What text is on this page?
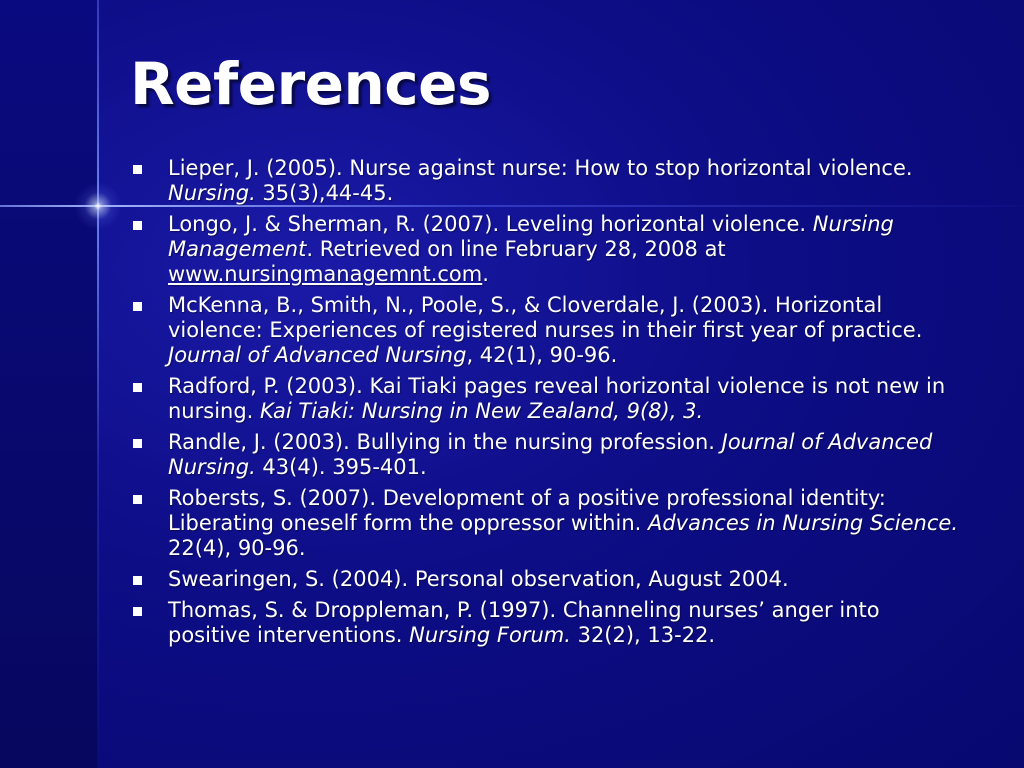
References
Lieper, J. (2005). Nurse against nurse: How to stop horizontal violence. Nursing. 35(3),44-45.
Longo, J. & Sherman, R. (2007). Leveling horizontal violence. Nursing Management. Retrieved on line February 28, 2008 at www.nursingmanagemnt.com.
McKenna, B., Smith, N., Poole, S., & Cloverdale, J. (2003). Horizontal violence: Experiences of registered nurses in their first year of practice. Journal of Advanced Nursing, 42(1), 90-96.
Radford, P. (2003). Kai Tiaki pages reveal horizontal violence is not new in nursing. Kai Tiaki: Nursing in New Zealand, 9(8), 3.
Randle, J. (2003). Bullying in the nursing profession. Journal of Advanced Nursing. 43(4). 395-401.
Robersts, S. (2007). Development of a positive professional identity: Liberating oneself form the oppressor within. Advances in Nursing Science. 22(4), 90-96.
Swearingen, S. (2004). Personal observation, August 2004.
Thomas, S. & Droppleman, P. (1997). Channeling nurses’ anger into positive interventions. Nursing Forum. 32(2), 13-22.
